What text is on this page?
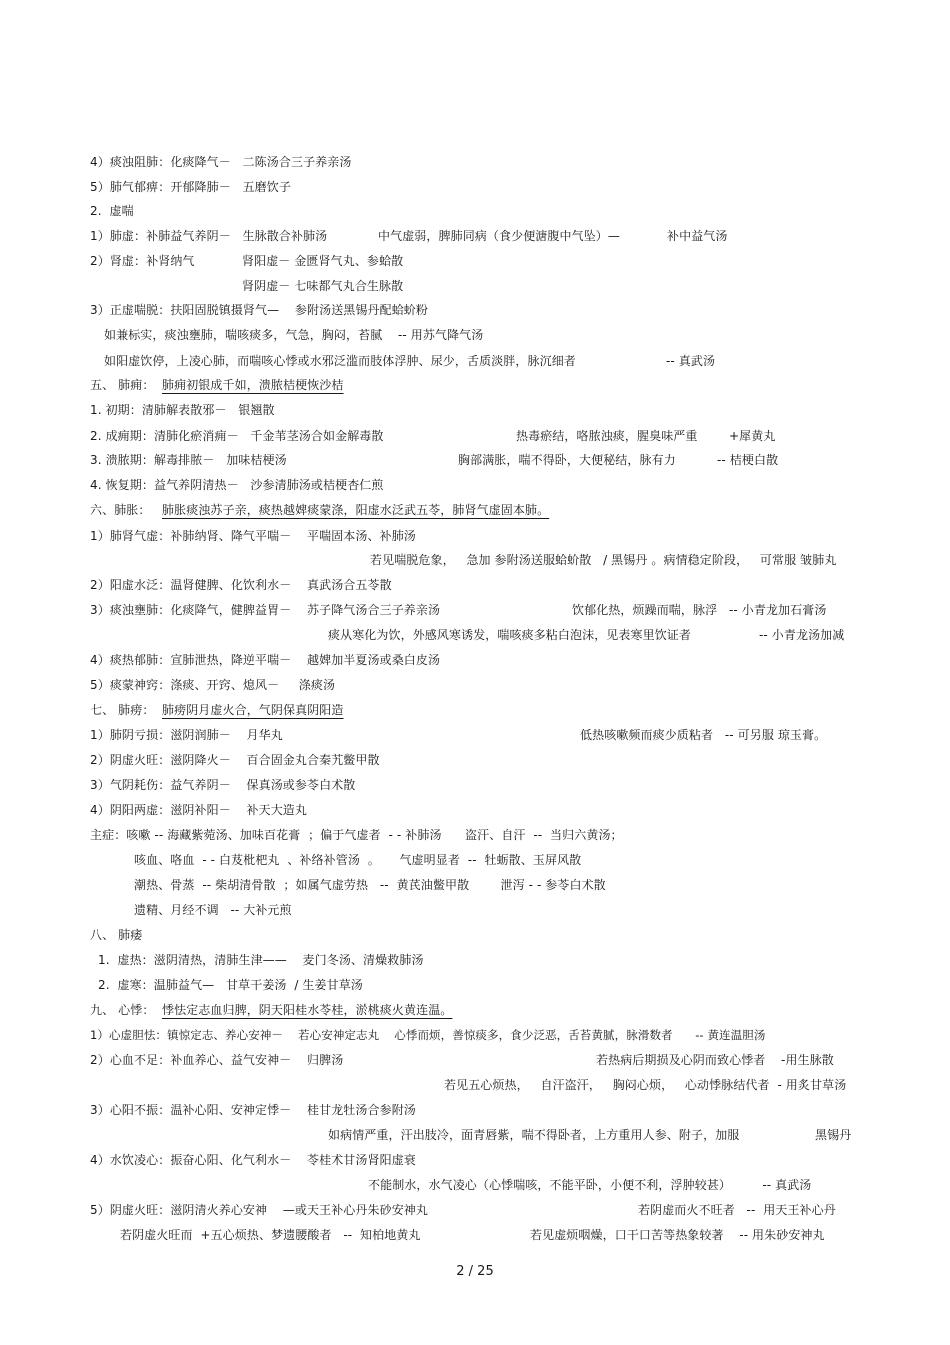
4）痰浊阻肺：化痰降气－   二陈汤合三子养亲汤
5）肺气郁痹：开郁降肺－   五磨饮子
2.  虚喘
1）肺虚：补肺益气养阴－   生脉散合补肺汤	中气虚弱，脾肺同病（食少便溏腹中气坠）—	补中益气汤
2）肾虚：补肾纳气	肾阳虚－ 金匮肾气丸、参蛤散
肾阴虚－ 七味都气丸合生脉散
3）正虚喘脱：扶阳固脱镇摄肾气—    参附汤送黑锡丹配蛤蚧粉
如兼标实，痰浊壅肺，喘咳痰多，气急，胸闷，苔腻    -- 用苏气降气汤
如阳虚饮停，上凌心肺，而喘咳心悸或水邪泛滥而肢体浮肿、尿少，舌质淡胖，脉沉细者	-- 真武汤
五、 肺痈： 肺痈初银成千如，溃脓桔梗恢沙桔
1. 初期：清肺解表散邪－   银翘散
2. 成痈期：清肺化瘀消痈－   千金苇茎汤合如金解毒散	热毒瘀结，咯脓浊痰，腥臭味严重	+犀黄丸
3. 溃脓期：解毒排脓－   加味桔梗汤	胸部满胀，喘不得卧，大便秘结，脉有力	-- 桔梗白散
4. 恢复期：益气养阴清热－   沙参清肺汤或桔梗杏仁煎
六、肺胀： 肺胀痰浊苏子亲，痰热越婢痰蒙涤，阳虚水泛武五苓，肺肾气虚固本肺。
1）肺肾气虚：补肺纳肾、降气平喘－    平喘固本汤、补肺汤
若见喘脱危象，   急加 参附汤送服蛤蚧散   / 黑锡丹 。病情稳定阶段，   可常服 皱肺丸
2）阳虚水泛：温肾健脾、化饮利水－    真武汤合五苓散
3）痰浊壅肺：化痰降气，健脾益胃－    苏子降气汤合三子养亲汤	饮郁化热，烦躁而喘，脉浮   -- 小青龙加石膏汤
痰从寒化为饮，外感风寒诱发，喘咳痰多粘白泡沫，见表寒里饮证者	-- 小青龙汤加减
4）痰热郁肺：宣肺泄热，降逆平喘－    越婢加半夏汤或桑白皮汤
5）痰蒙神窍：涤痰、开窍、熄风－     涤痰汤
七、 肺痨： 肺痨阴月虚火合，气阴保真阴阳造
1）肺阴亏损：滋阴润肺－    月华丸	低热咳嗽频而痰少质粘者   -- 可另服 琼玉膏。
2）阴虚火旺：滋阴降火－    百合固金丸合秦艽鳖甲散
3）气阴耗伤：益气养阴－    保真汤或参苓白术散
4）阴阳两虚：滋阴补阳－    补天大造丸
主症：咳嗽 -- 海藏紫菀汤、加味百花膏  ；偏于气虚者  - - 补肺汤      盗汗、自汗  --  当归六黄汤；
咳血、咯血  - - 白芨枇杷丸  、补络补管汤  。     气虚明显者  --  牡蛎散、玉屏风散
潮热、骨蒸  -- 柴胡清骨散  ；如属气虚劳热   --  黄芪油鳖甲散        泄泻 - - 参苓白术散
遗精、月经不调   -- 大补元煎
八、 肺痿
1.  虚热：滋阴清热，清肺生津——    麦门冬汤、清燥救肺汤
2.  虚寒：温肺益气—   甘草干姜汤  / 生姜甘草汤
九、 心悸： 悸怯定志血归脾，阴天阳桂水苓桂，淤桃痰火黄连温。
1）心虚胆怯：镇惊定志、养心安神－    若心安神定志丸    心悸而烦，善惊痰多，食少泛恶，舌苔黄腻，脉滑数者      -- 黄连温胆汤
2）心血不足：补血养心、益气安神－    归脾汤	若热病后期损及心阴而致心悸者    -用生脉散
若见五心烦热，   自汗盗汗，   胸闷心烦，   心动悸脉结代者  - 用炙甘草汤
3）心阳不振：温补心阳、安神定悸－    桂甘龙牡汤合参附汤
如病情严重，汗出肢冷，面青唇紫，喘不得卧者，上方重用人参、附子，加服	黑锡丹
4）水饮凌心：振奋心阳、化气利水－    苓桂术甘汤肾阳虚衰
不能制水，水气凌心（心悸喘咳，不能平卧，小便不利，浮肿较甚）        -- 真武汤
5）阴虚火旺：滋阴清火养心安神    —或天王补心丹朱砂安神丸	若阴虚而火不旺者   --  用天王补心丹
若阴虚火旺而  +五心烦热、梦遗腰酸者   --  知柏地黄丸	若见虚烦咽燥，口干口苦等热象较著    -- 用朱砂安神丸
2 / 25
